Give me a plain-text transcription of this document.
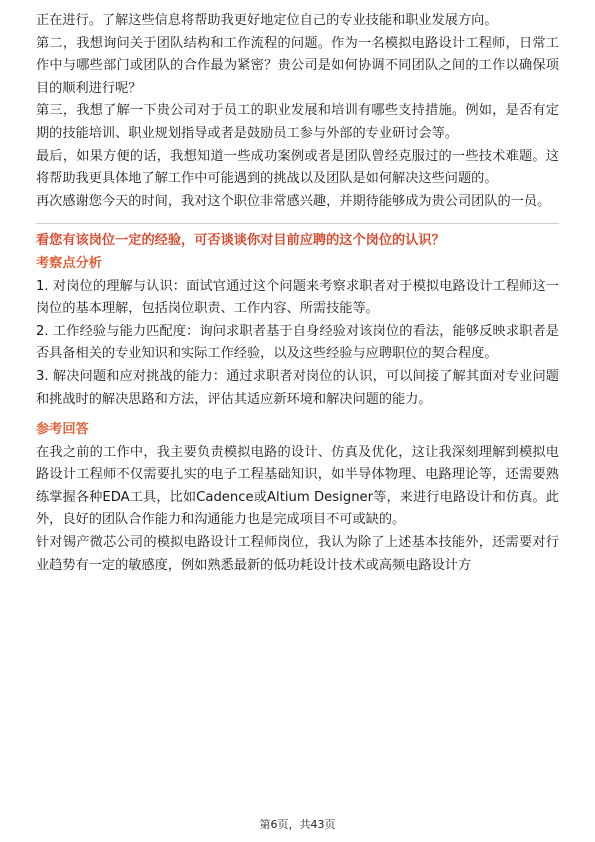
正在进行。了解这些信息将帮助我更好地定位自己的专业技能和职业发展方向。

第二，我想询问关于团队结构和工作流程的问题。作为一名模拟电路设计工程师，日常工作中与哪些部门或团队的合作最为紧密？贵公司是如何协调不同团队之间的工作以确保项目的顺利进行呢？

第三，我想了解一下贵公司对于员工的职业发展和培训有哪些支持措施。例如，是否有定期的技能培训、职业规划指导或者是鼓励员工参与外部的专业研讨会等。

最后，如果方便的话，我想知道一些成功案例或者是团队曾经克服过的一些技术难题。这将帮助我更具体地了解工作中可能遇到的挑战以及团队是如何解决这些问题的。

再次感谢您今天的时间，我对这个职位非常感兴趣，并期待能够成为贵公司团队的一员。

看您有该岗位一定的经验，可否谈谈你对目前应聘的这个岗位的认识？

考察点分析

1. 对岗位的理解与认识：面试官通过这个问题来考察求职者对于模拟电路设计工程师这一岗位的基本理解，包括岗位职责、工作内容、所需技能等。

2. 工作经验与能力匹配度：询问求职者基于自身经验对该岗位的看法，能够反映求职者是否具备相关的专业知识和实际工作经验，以及这些经验与应聘职位的契合程度。

3. 解决问题和应对挑战的能力：通过求职者对岗位的认识，可以间接了解其面对专业问题和挑战时的解决思路和方法，评估其适应新环境和解决问题的能力。

参考回答

在我之前的工作中，我主要负责模拟电路的设计、仿真及优化，这让我深刻理解到模拟电路设计工程师不仅需要扎实的电子工程基础知识，如半导体物理、电路理论等，还需要熟练掌握各种EDA工具，比如Cadence或Altium Designer等，来进行电路设计和仿真。此外，良好的团队合作能力和沟通能力也是完成项目不可或缺的。

针对锡产微芯公司的模拟电路设计工程师岗位，我认为除了上述基本技能外，还需要对行业趋势有一定的敏感度，例如熟悉最新的低功耗设计技术或高频电路设计方

第6页，共43页
